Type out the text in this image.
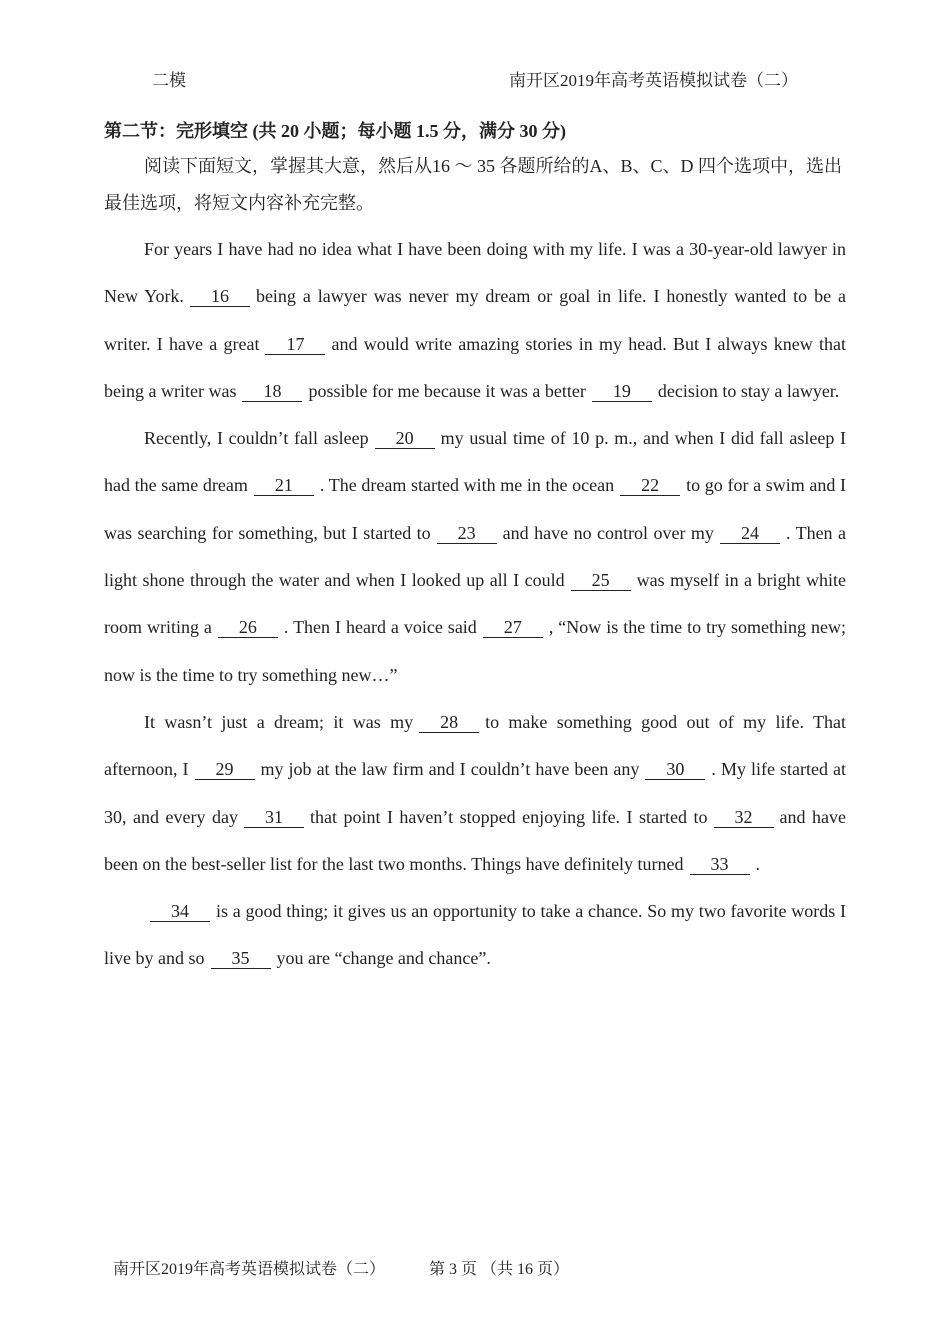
二模	南开区2019年高考英语模拟试卷（二）
第二节：完形填空 (共 20 小题；每小题 1.5 分，满分 30 分)
阅读下面短文，掌握其大意，然后从16 ～ 35 各题所给的A、B、C、D 四个选项中，选出最佳选项，将短文内容补充完整。

For years I have had no idea what I have been doing with my life. I was a 30-year-old lawyer in New York. 16 being a lawyer was never my dream or goal in life. I honestly wanted to be a writer. I have a great 17 and would write amazing stories in my head. But I always knew that being a writer was 18 possible for me because it was a better 19 decision to stay a lawyer.

Recently, I couldn’t fall asleep 20 my usual time of 10 p. m., and when I did fall asleep I had the same dream 21 . The dream started with me in the ocean 22 to go for a swim and I was searching for something, but I started to 23 and have no control over my 24 . Then a light shone through the water and when I looked up all I could 25 was myself in a bright white room writing a 26 . Then I heard a voice said 27 , “Now is the time to try something new; now is the time to try something new…”

It wasn’t just a dream; it was my 28 to make something good out of my life. That afternoon, I 29 my job at the law firm and I couldn’t have been any 30 . My life started at 30, and every day 31 that point I haven’t stopped enjoying life. I started to 32 and have been on the best-seller list for the last two months. Things have definitely turned 33 .

34 is a good thing; it gives us an opportunity to take a chance. So my two favorite words I live by and so 35 you are “change and chance”.

南开区2019年高考英语模拟试卷（二）	第 3 页 （共 16 页）
